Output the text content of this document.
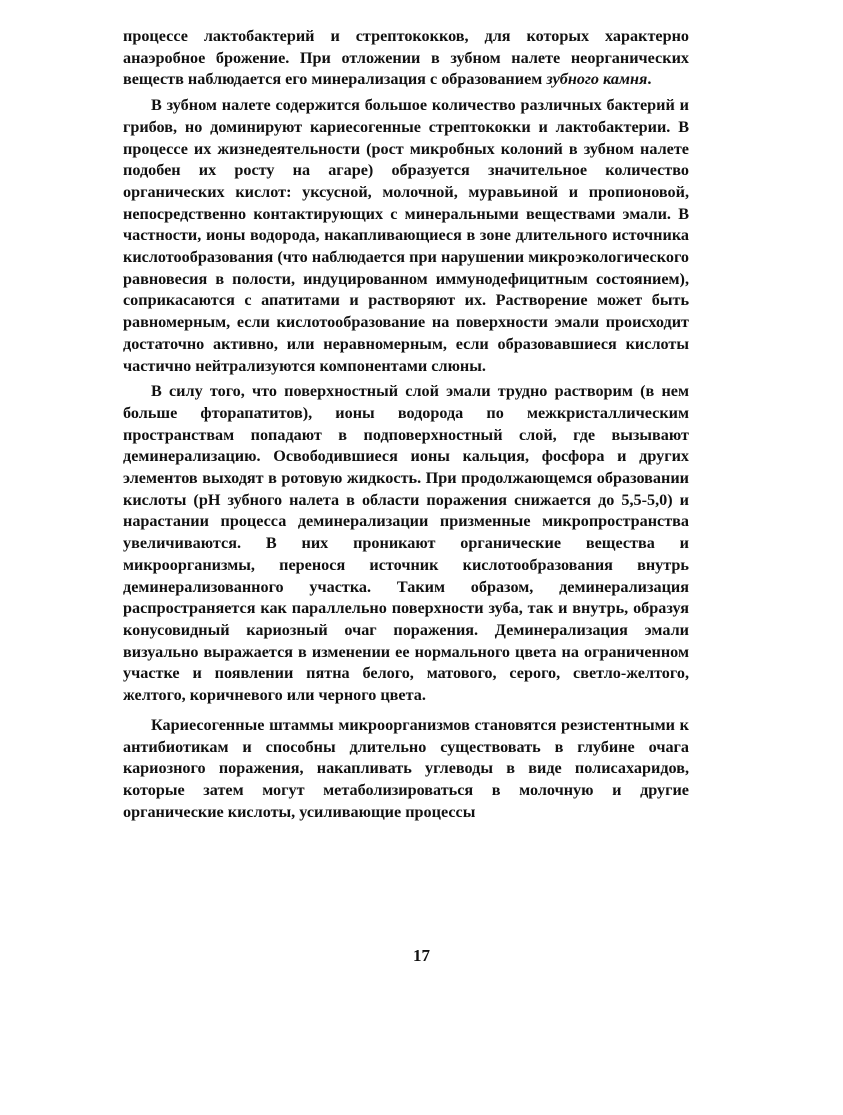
процессе лактобактерий и стрептококков, для которых характерно анаэробное брожение. При отложении в зубном налете неорганических веществ наблюдается его минерализация с образованием зубного камня.

В зубном налете содержится большое количество различных бактерий и грибов, но доминируют кариесогенные стрептококки и лактобактерии. В процессе их жизнедеятельности (рост микробных колоний в зубном налете подобен их росту на агаре) образуется значительное количество органических кислот: уксусной, молочной, муравьиной и пропионовой, непосредственно контактирующих с минеральными веществами эмали. В частности, ионы водорода, накапливающиеся в зоне длительного источника кислотообразования (что наблюдается при нарушении микроэкологического равновесия в полости, индуцированном иммунодефицитным состоянием), соприкасаются с апатитами и растворяют их. Растворение может быть равномерным, если кислотообразование на поверхности эмали происходит достаточно активно, или неравномерным, если образовавшиеся кислоты частично нейтрализуются компонентами слюны.

В силу того, что поверхностный слой эмали трудно растворим (в нем больше фторапатитов), ионы водорода по межкристаллическим пространствам попадают в подповерхностный слой, где вызывают деминерализацию. Освободившиеся ионы кальция, фосфора и других элементов выходят в ротовую жидкость. При продолжающемся образовании кислоты (рН зубного налета в области поражения снижается до 5,5-5,0) и нарастании процесса деминерализации призменные микропространства увеличиваются. В них проникают органические вещества и микроорганизмы, перенося источник кислотообразования внутрь деминерализованного участка. Таким образом, деминерализация распространяется как параллельно поверхности зуба, так и внутрь, образуя конусовидный кариозный очаг поражения. Деминерализация эмали визуально выражается в изменении ее нормального цвета на ограниченном участке и появлении пятна белого, матового, серого, светло-желтого, желтого, коричневого или черного цвета.

Кариесогенные штаммы микроорганизмов становятся резистентными к антибиотикам и способны длительно существовать в глубине очага кариозного поражения, накапливать углеводы в виде полисахаридов, которые затем могут метаболизироваться в молочную и другие органические кислоты, усиливающие процессы

17
